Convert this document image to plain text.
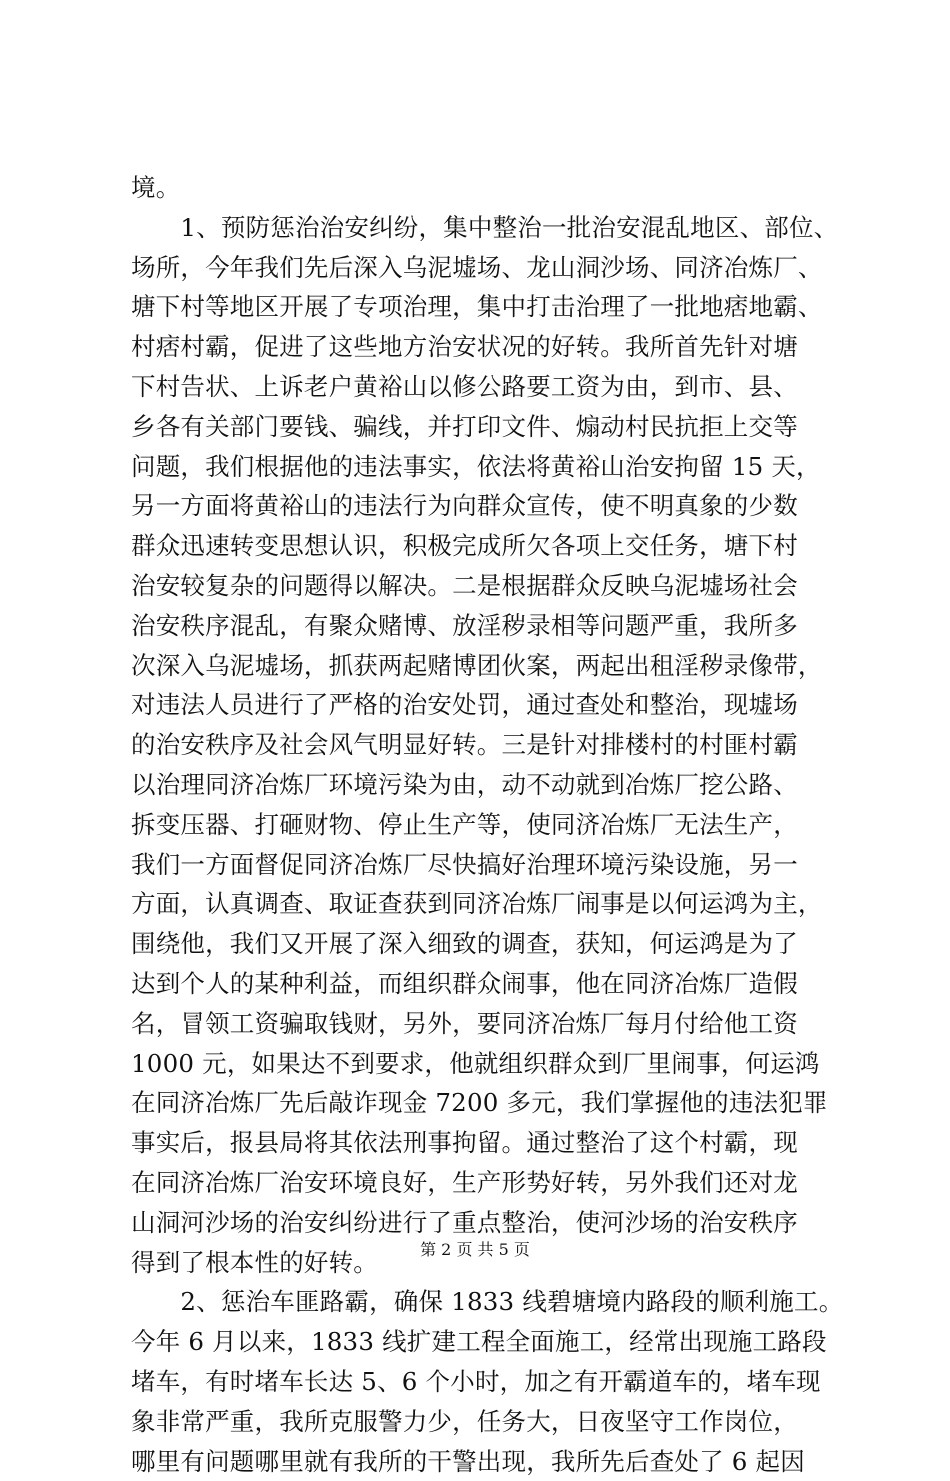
境。
　　1、预防惩治治安纠纷，集中整治一批治安混乱地区、部位、
场所，今年我们先后深入乌泥墟场、龙山洞沙场、同济冶炼厂、
塘下村等地区开展了专项治理，集中打击治理了一批地痞地霸、
村痞村霸，促进了这些地方治安状况的好转。我所首先针对塘
下村告状、上诉老户黄裕山以修公路要工资为由，到市、县、
乡各有关部门要钱、骗线，并打印文件、煽动村民抗拒上交等
问题，我们根据他的违法事实，依法将黄裕山治安拘留 15 天，
另一方面将黄裕山的违法行为向群众宣传，使不明真象的少数
群众迅速转变思想认识，积极完成所欠各项上交任务，塘下村
治安较复杂的问题得以解决。二是根据群众反映乌泥墟场社会
治安秩序混乱，有聚众赌博、放淫秽录相等问题严重，我所多
次深入乌泥墟场，抓获两起赌博团伙案，两起出租淫秽录像带，
对违法人员进行了严格的治安处罚，通过查处和整治，现墟场
的治安秩序及社会风气明显好转。三是针对排楼村的村匪村霸
以治理同济冶炼厂环境污染为由，动不动就到冶炼厂挖公路、
拆变压器、打砸财物、停止生产等，使同济冶炼厂无法生产，
我们一方面督促同济冶炼厂尽快搞好治理环境污染设施，另一
方面，认真调查、取证查获到同济冶炼厂闹事是以何运鸿为主，
围绕他，我们又开展了深入细致的调查，获知，何运鸿是为了
达到个人的某种利益，而组织群众闹事，他在同济冶炼厂造假
名，冒领工资骗取钱财，另外，要同济冶炼厂每月付给他工资
1000 元，如果达不到要求，他就组织群众到厂里闹事，何运鸿
在同济冶炼厂先后敲诈现金 7200 多元，我们掌握他的违法犯罪
事实后，报县局将其依法刑事拘留。通过整治了这个村霸，现
在同济冶炼厂治安环境良好，生产形势好转，另外我们还对龙
山洞河沙场的治安纠纷进行了重点整治，使河沙场的治安秩序
得到了根本性的好转。
　　2、惩治车匪路霸，确保 1833 线碧塘境内路段的顺利施工。
今年 6 月以来，1833 线扩建工程全面施工，经常出现施工路段
堵车，有时堵车长达 5、6 个小时，加之有开霸道车的，堵车现
象非常严重，我所克服警力少，任务大，日夜坚守工作岗位，
哪里有问题哪里就有我所的干警出现，我所先后查处了 6 起因
第 2 页 共 5 页
